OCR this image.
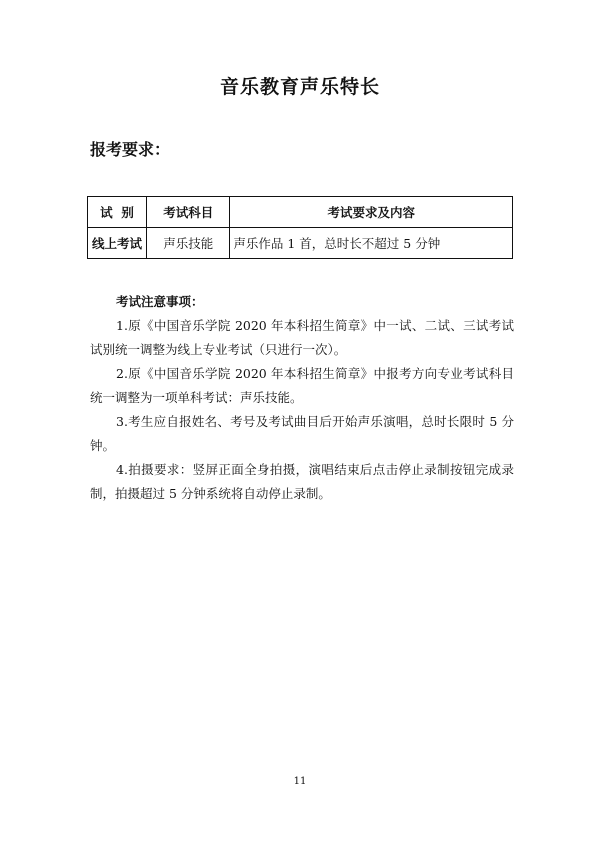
音乐教育声乐特长
报考要求：
试  别	考试科目	考试要求及内容
线上考试	声乐技能	声乐作品 1 首，总时长不超过 5 分钟
考试注意事项：

1.原《中国音乐学院 2020 年本科招生简章》中一试、二试、三试考试试别统一调整为线上专业考试（只进行一次）。

2.原《中国音乐学院 2020 年本科招生简章》中报考方向专业考试科目统一调整为一项单科考试：声乐技能。

3.考生应自报姓名、考号及考试曲目后开始声乐演唱，总时长限时 5 分钟。

4.拍摄要求：竖屏正面全身拍摄，演唱结束后点击停止录制按钮完成录制，拍摄超过 5 分钟系统将自动停止录制。

11
